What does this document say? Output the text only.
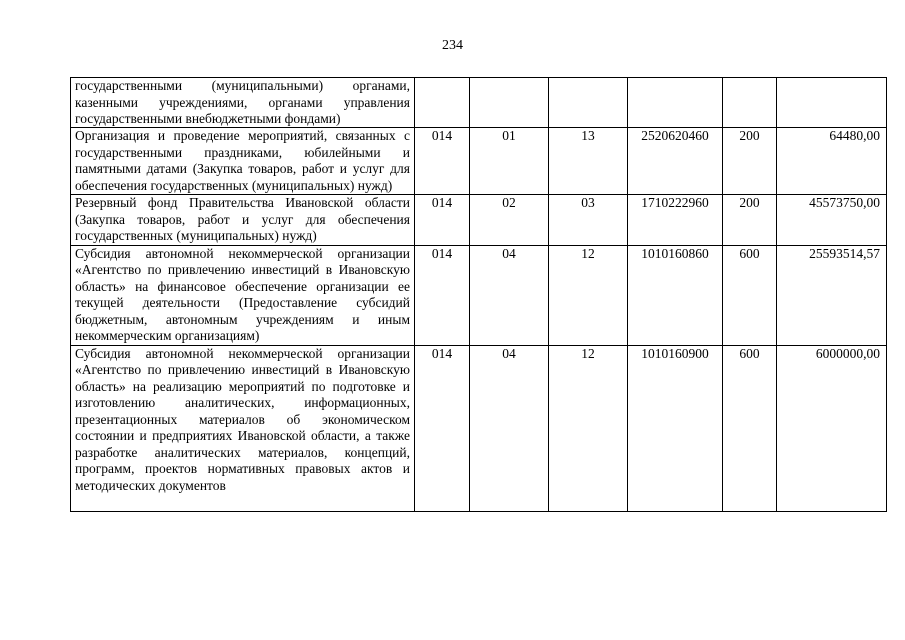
234
государственными (муниципальными) органами, казенными учреждениями, органами управления государственными внебюджетными фондами)						

Организация и проведение мероприятий, связанных с государственными праздниками, юбилейными и памятными датами (Закупка товаров, работ и услуг для обеспечения государственных (муниципальных) нужд)	014	01	13	2520620460	200	64480,00
Резервный фонд Правительства Ивановской области (Закупка товаров, работ и услуг для обеспечения государственных (муниципальных) нужд)	014	02	03	1710222960	200	45573750,00
Субсидия автономной некоммерческой организации «Агентство по привлечению инвестиций в Ивановскую область» на финансовое обеспечение организации ее текущей деятельности (Предоставление субсидий бюджетным, автономным учреждениям и иным некоммерческим организациям)	014	04	12	1010160860	600	25593514,57

Субсидия автономной некоммерческой организации «Агентство по привлечению инвестиций в Ивановскую область» на реализацию мероприятий по подготовке и изготовлению аналитических, информационных, презентационных материалов об экономическом состоянии и предприятиях Ивановской области, а также разработке аналитических материалов, концепций, программ, проектов нормативных правовых актов и методических документов	014	04	12	1010160900	600	6000000,00
